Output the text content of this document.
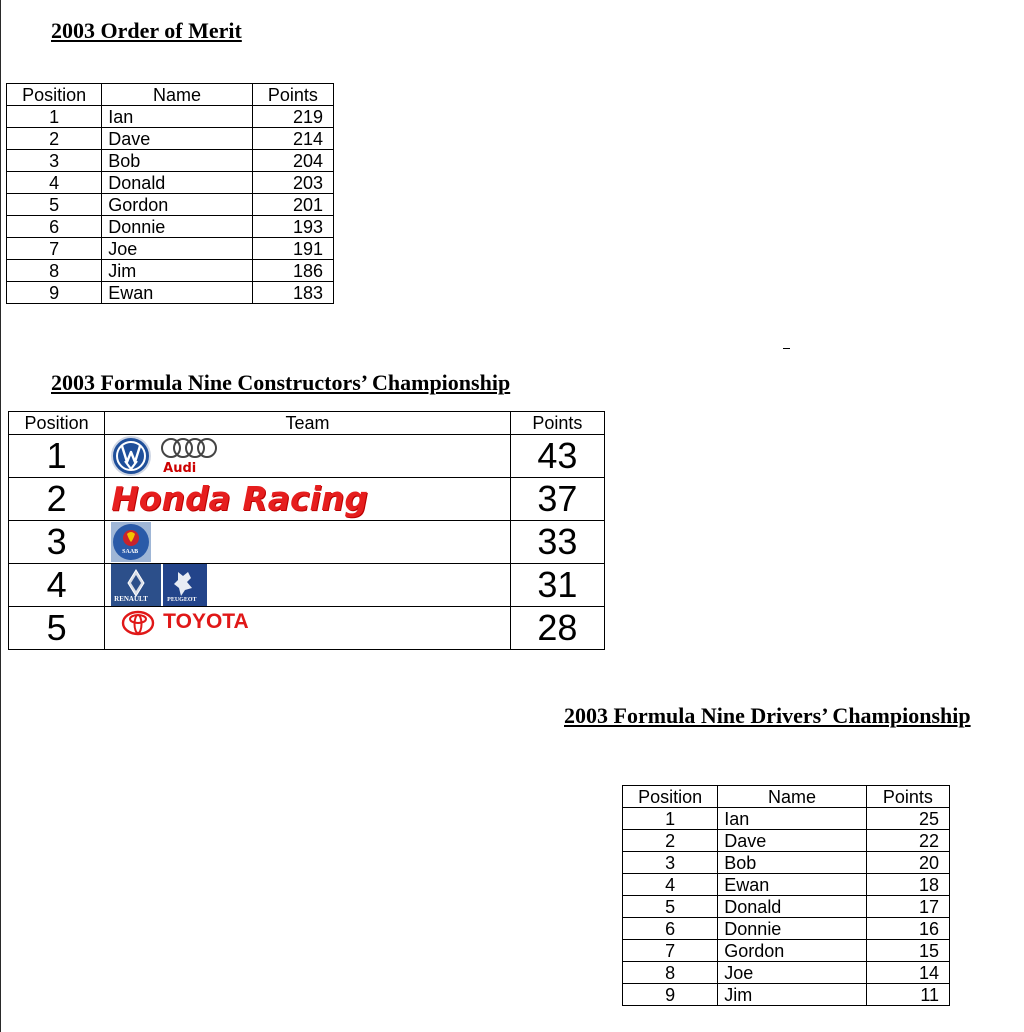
2003 Order of Merit
Position	Name	Points
1	Ian	219
2	Dave	214
3	Bob	204
4	Donald	203
5	Gordon	201
6	Donnie	193
7	Joe	191
8	Jim	186
9	Ewan	183
2003 Formula Nine Constructors’ Championship
Position	Team	Points
1	Audi	43
2	Honda Racing	37
3	SAAB	33
4	RENAULT PEUGEOT	31
5	TOYOTA	28
2003 Formula Nine Drivers’ Championship
Position	Name	Points
1	Ian	25
2	Dave	22
3	Bob	20
4	Ewan	18
5	Donald	17
6	Donnie	16
7	Gordon	15
8	Joe	14
9	Jim	11
